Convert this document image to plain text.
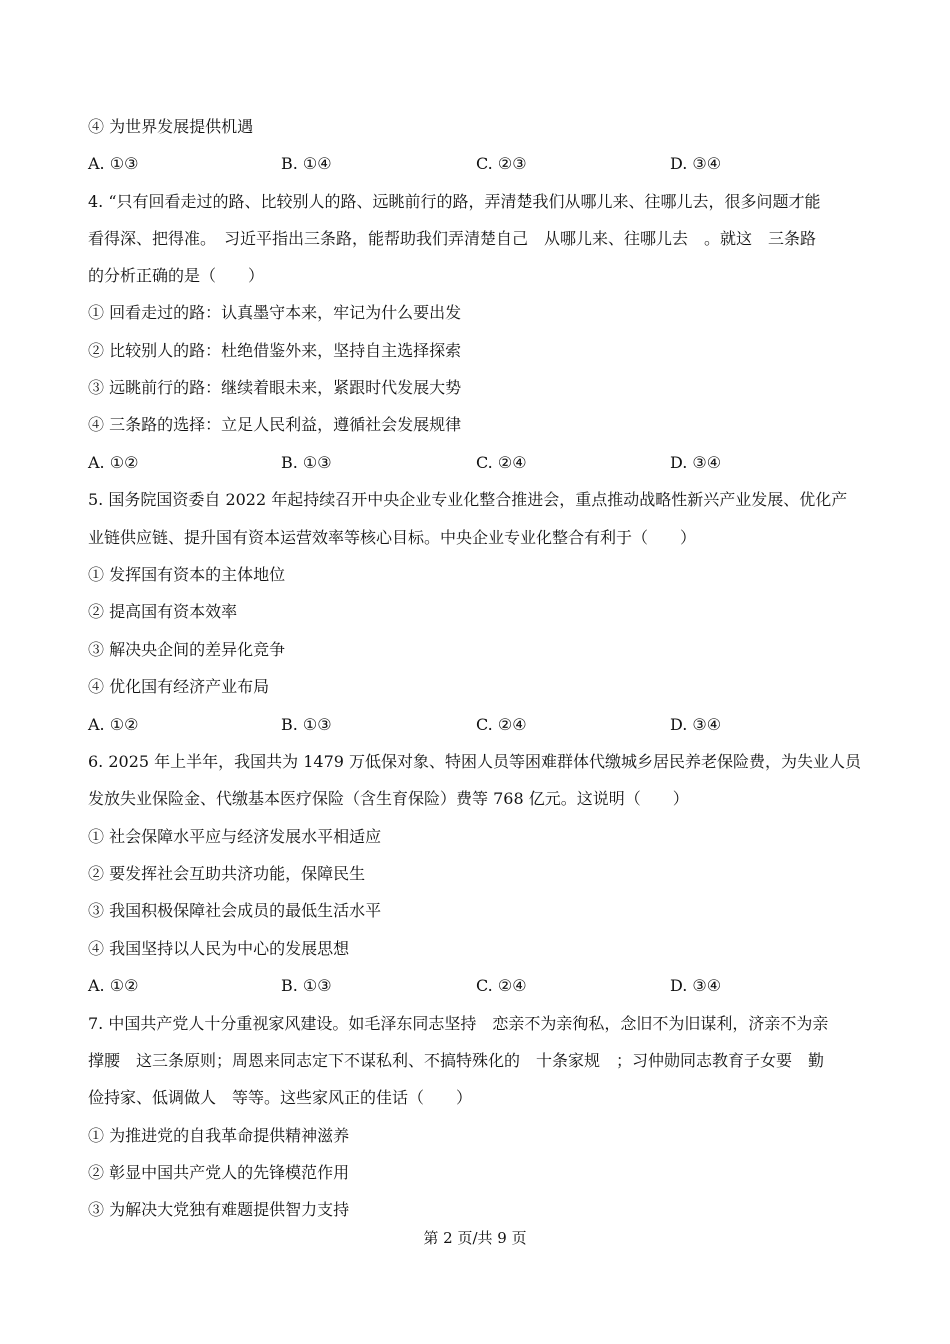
④ 为世界发展提供机遇
A. ①③	B. ①④	C. ②③	D. ③④
4. “只有回看走过的路、比较别人的路、远眺前行的路，弄清楚我们从哪儿来、往哪儿去，很多问题才能
看得深、把得准。　习近平指出三条路，能帮助我们弄清楚自己　从哪儿来、往哪儿去　。就这　三条路
的分析正确的是（　　）
① 回看走过的路：认真墨守本来，牢记为什么要出发
② 比较别人的路：杜绝借鉴外来，坚持自主选择探索
③ 远眺前行的路：继续着眼未来，紧跟时代发展大势
④ 三条路的选择：立足人民利益，遵循社会发展规律
A. ①②	B. ①③	C. ②④	D. ③④
5. 国务院国资委自 2022 年起持续召开中央企业专业化整合推进会，重点推动战略性新兴产业发展、优化产
业链供应链、提升国有资本运营效率等核心目标。中央企业专业化整合有利于（　　）
① 发挥国有资本的主体地位
② 提高国有资本效率
③ 解决央企间的差异化竞争
④ 优化国有经济产业布局
A. ①②	B. ①③	C. ②④	D. ③④
6. 2025 年上半年，我国共为 1479 万低保对象、特困人员等困难群体代缴城乡居民养老保险费，为失业人员
发放失业保险金、代缴基本医疗保险（含生育保险）费等 768 亿元。这说明（　　）
① 社会保障水平应与经济发展水平相适应
② 要发挥社会互助共济功能，保障民生
③ 我国积极保障社会成员的最低生活水平
④ 我国坚持以人民为中心的发展思想
A. ①②	B. ①③	C. ②④	D. ③④
7. 中国共产党人十分重视家风建设。如毛泽东同志坚持　恋亲不为亲徇私，念旧不为旧谋利，济亲不为亲
撑腰　这三条原则；周恩来同志定下不谋私利、不搞特殊化的　十条家规　；习仲勋同志教育子女要　勤
俭持家、低调做人　等等。这些家风正的佳话（　　）
① 为推进党的自我革命提供精神滋养
② 彰显中国共产党人的先锋模范作用
③ 为解决大党独有难题提供智力支持
第 2 页/共 9 页
